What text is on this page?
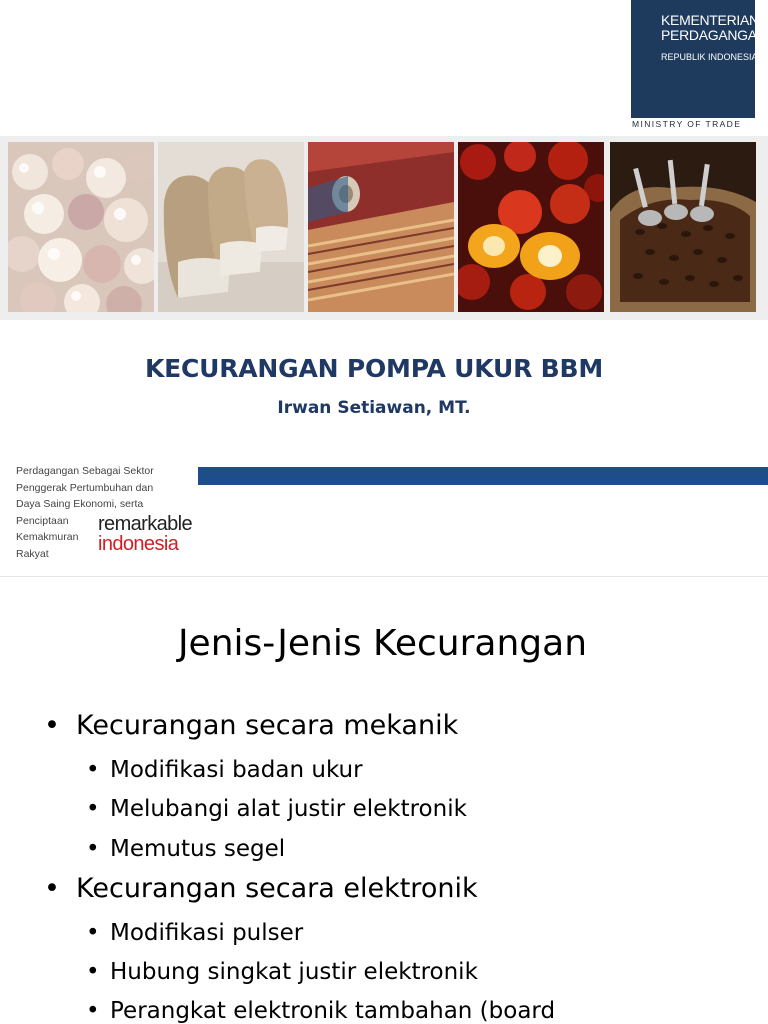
KEMENTERIAN
PERDAGANGAN
REPUBLIK INDONESIA
MINISTRY OF TRADE
KECURANGAN POMPA UKUR BBM
Irwan Setiawan, MT.
Perdagangan Sebagai Sektor
Penggerak Pertumbuhan dan
Daya Saing Ekonomi, serta
Penciptaan
Kemakmuran
Rakyat
remarkable
indonesia
Jenis-Jenis Kecurangan
• Kecurangan secara mekanik
• Modifikasi badan ukur
• Melubangi alat justir elektronik
• Memutus segel
• Kecurangan secara elektronik
• Modifikasi pulser
• Hubung singkat justir elektronik
• Perangkat elektronik tambahan (board
